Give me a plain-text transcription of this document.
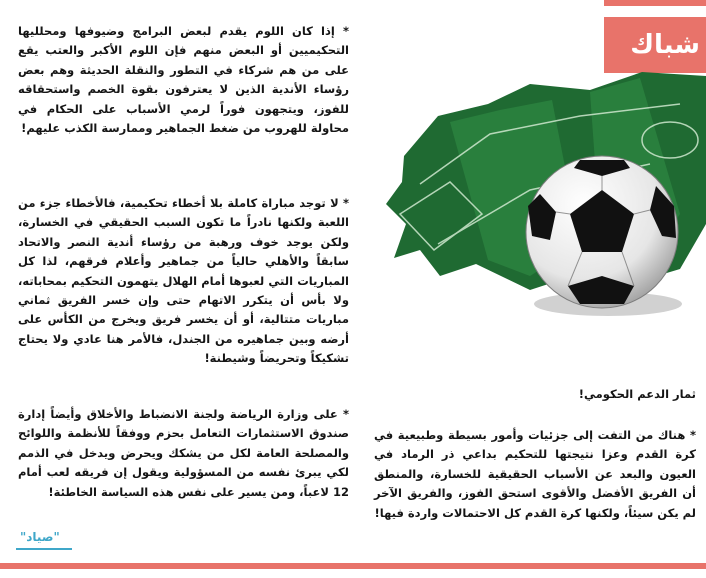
شباك
* إذا كان اللوم يقدم لبعض البرامج وضيوفها ومحلليها التحكيميين أو البعض منهم فإن اللوم الأكبر والعتب يقع على من هم شركاء في التطور والنقلة الحديثة وهم بعض رؤساء الأندية الذين لا يعترفون بقوة الخصم واستحقاقه للفوز، ويتجهون فوراً لرمي الأسباب على الحكام في محاولة للهروب من ضغط الجماهير وممارسة الكذب عليهم!
* لا توجد مباراة كاملة بلا أخطاء تحكيمية، فالأخطاء جزء من اللعبة ولكنها نادراً ما تكون السبب الحقيقي في الخسارة، ولكن يوجد خوف ورهبة من رؤساء أندية النصر والاتحاد سابقاً والأهلي حالياً من جماهير وأعلام فرقهم، لذا كل المباريات التي لعبوها أمام الهلال يتهمون التحكيم بمحاباته، ولا بأس أن يتكرر الاتهام حتى وإن خسر الفريق ثماني مباريات متتالية، أو أن يخسر فريق ويخرج من الكأس على أرضه وبين جماهيره من الجندل، فالأمر هنا عادي ولا يحتاج تشكيكاً وتحريضاً وشيطنة!
* على وزارة الرياضة ولجنة الانضباط والأخلاق وأيضاً إدارة صندوق الاستثمارات التعامل بحزم ووفقاً للأنظمة واللوائح والمصلحة العامة لكل من يشكك ويحرض ويدخل في الذمم لكي يبرئ نفسه من المسؤولية ويقول إن فريقه لعب أمام 12 لاعباً، ومن يسير على نفس هذه السياسة الخاطئة!
ثمار الدعم الحكومي!
* هناك من التفت إلى جزئيات وأمور بسيطة وطبيعية في كرة القدم وعزا نتيجتها للتحكيم بداعي ذر الرماد في العيون والبعد عن الأسباب الحقيقية للخسارة، والمنطق أن الفريق الأفضل والأقوى استحق الفوز، والفريق الآخر لم يكن سيئاً، ولكنها كرة القدم كل الاحتمالات واردة فيها!
"صياد"
